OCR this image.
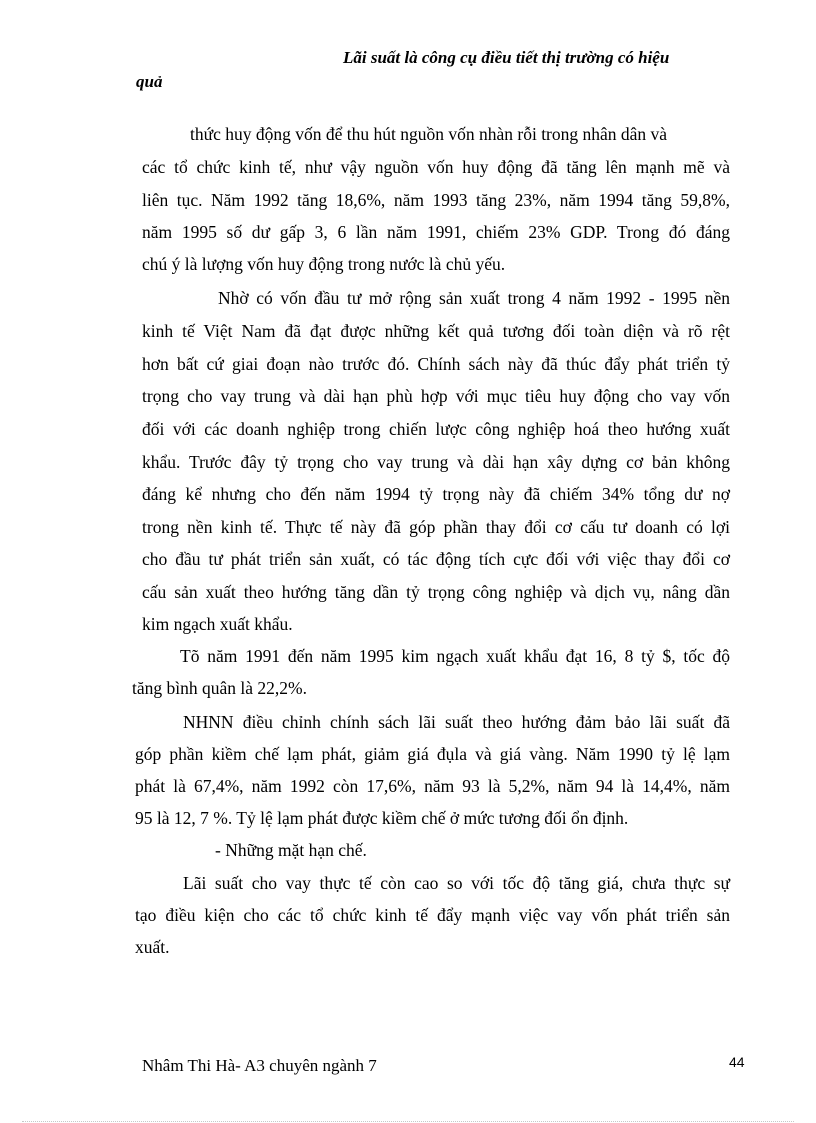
Lãi suất là công cụ điều tiết thị trường có hiệu
quả
thức huy động vốn để thu hút nguồn vốn nhàn rỗi trong nhân dân và
các tổ chức kinh tế, như vậy nguồn vốn huy động đã tăng lên mạnh mẽ và
liên tục. Năm 1992 tăng 18,6%, năm 1993 tăng 23%, năm 1994 tăng 59,8%,
năm 1995 số dư gấp 3, 6 lần năm 1991, chiếm 23% GDP. Trong đó đáng
chú ý là lượng vốn huy động trong nước là chủ yếu.
Nhờ có vốn đầu tư mở rộng sản xuất trong 4 năm 1992 - 1995 nền
kinh tế Việt Nam đã đạt được những kết quả tương đối toàn diện và rõ rệt
hơn bất cứ giai đoạn nào trước đó. Chính sách này đã thúc đẩy phát triển tỷ
trọng cho vay trung và dài hạn phù hợp với mục tiêu huy động cho vay vốn
đối với các doanh nghiệp trong chiến lược công nghiệp hoá theo hướng xuất
khẩu. Trước đây tỷ trọng cho vay trung và dài hạn xây dựng cơ bản không
đáng kể nhưng cho đến năm 1994 tỷ trọng này đã chiếm 34% tổng dư nợ
trong nền kinh tế. Thực tế này đã góp phần thay đổi cơ cấu tư doanh có lợi
cho đầu tư phát triển sản xuất, có tác động tích cực đối với việc thay đổi cơ
cấu sản xuất theo hướng tăng dần tỷ trọng công nghiệp và dịch vụ, nâng dần
kim ngạch xuất khẩu.
Tõ năm 1991 đến năm 1995 kim ngạch xuất khẩu đạt 16, 8 tỷ $, tốc độ
tăng bình quân là 22,2%.
NHNN điều chỉnh chính sách lãi suất theo hướng đảm bảo lãi suất đã
góp phần kiềm chế lạm phát, giảm giá đụla và giá vàng. Năm 1990 tỷ lệ lạm
phát là 67,4%, năm 1992 còn 17,6%, năm 93 là 5,2%, năm 94 là 14,4%, năm
95 là 12, 7 %. Tỷ lệ lạm phát được kiềm chế ở mức tương đối ổn định.
- Những mặt hạn chế.
Lãi suất cho vay thực tế còn cao so với tốc độ tăng giá, chưa thực sự
tạo điều kiện cho các tổ chức kinh tế đẩy mạnh việc vay vốn phát triển sản
xuất.
Nhâm Thi Hà- A3 chuyên ngành 7	44
